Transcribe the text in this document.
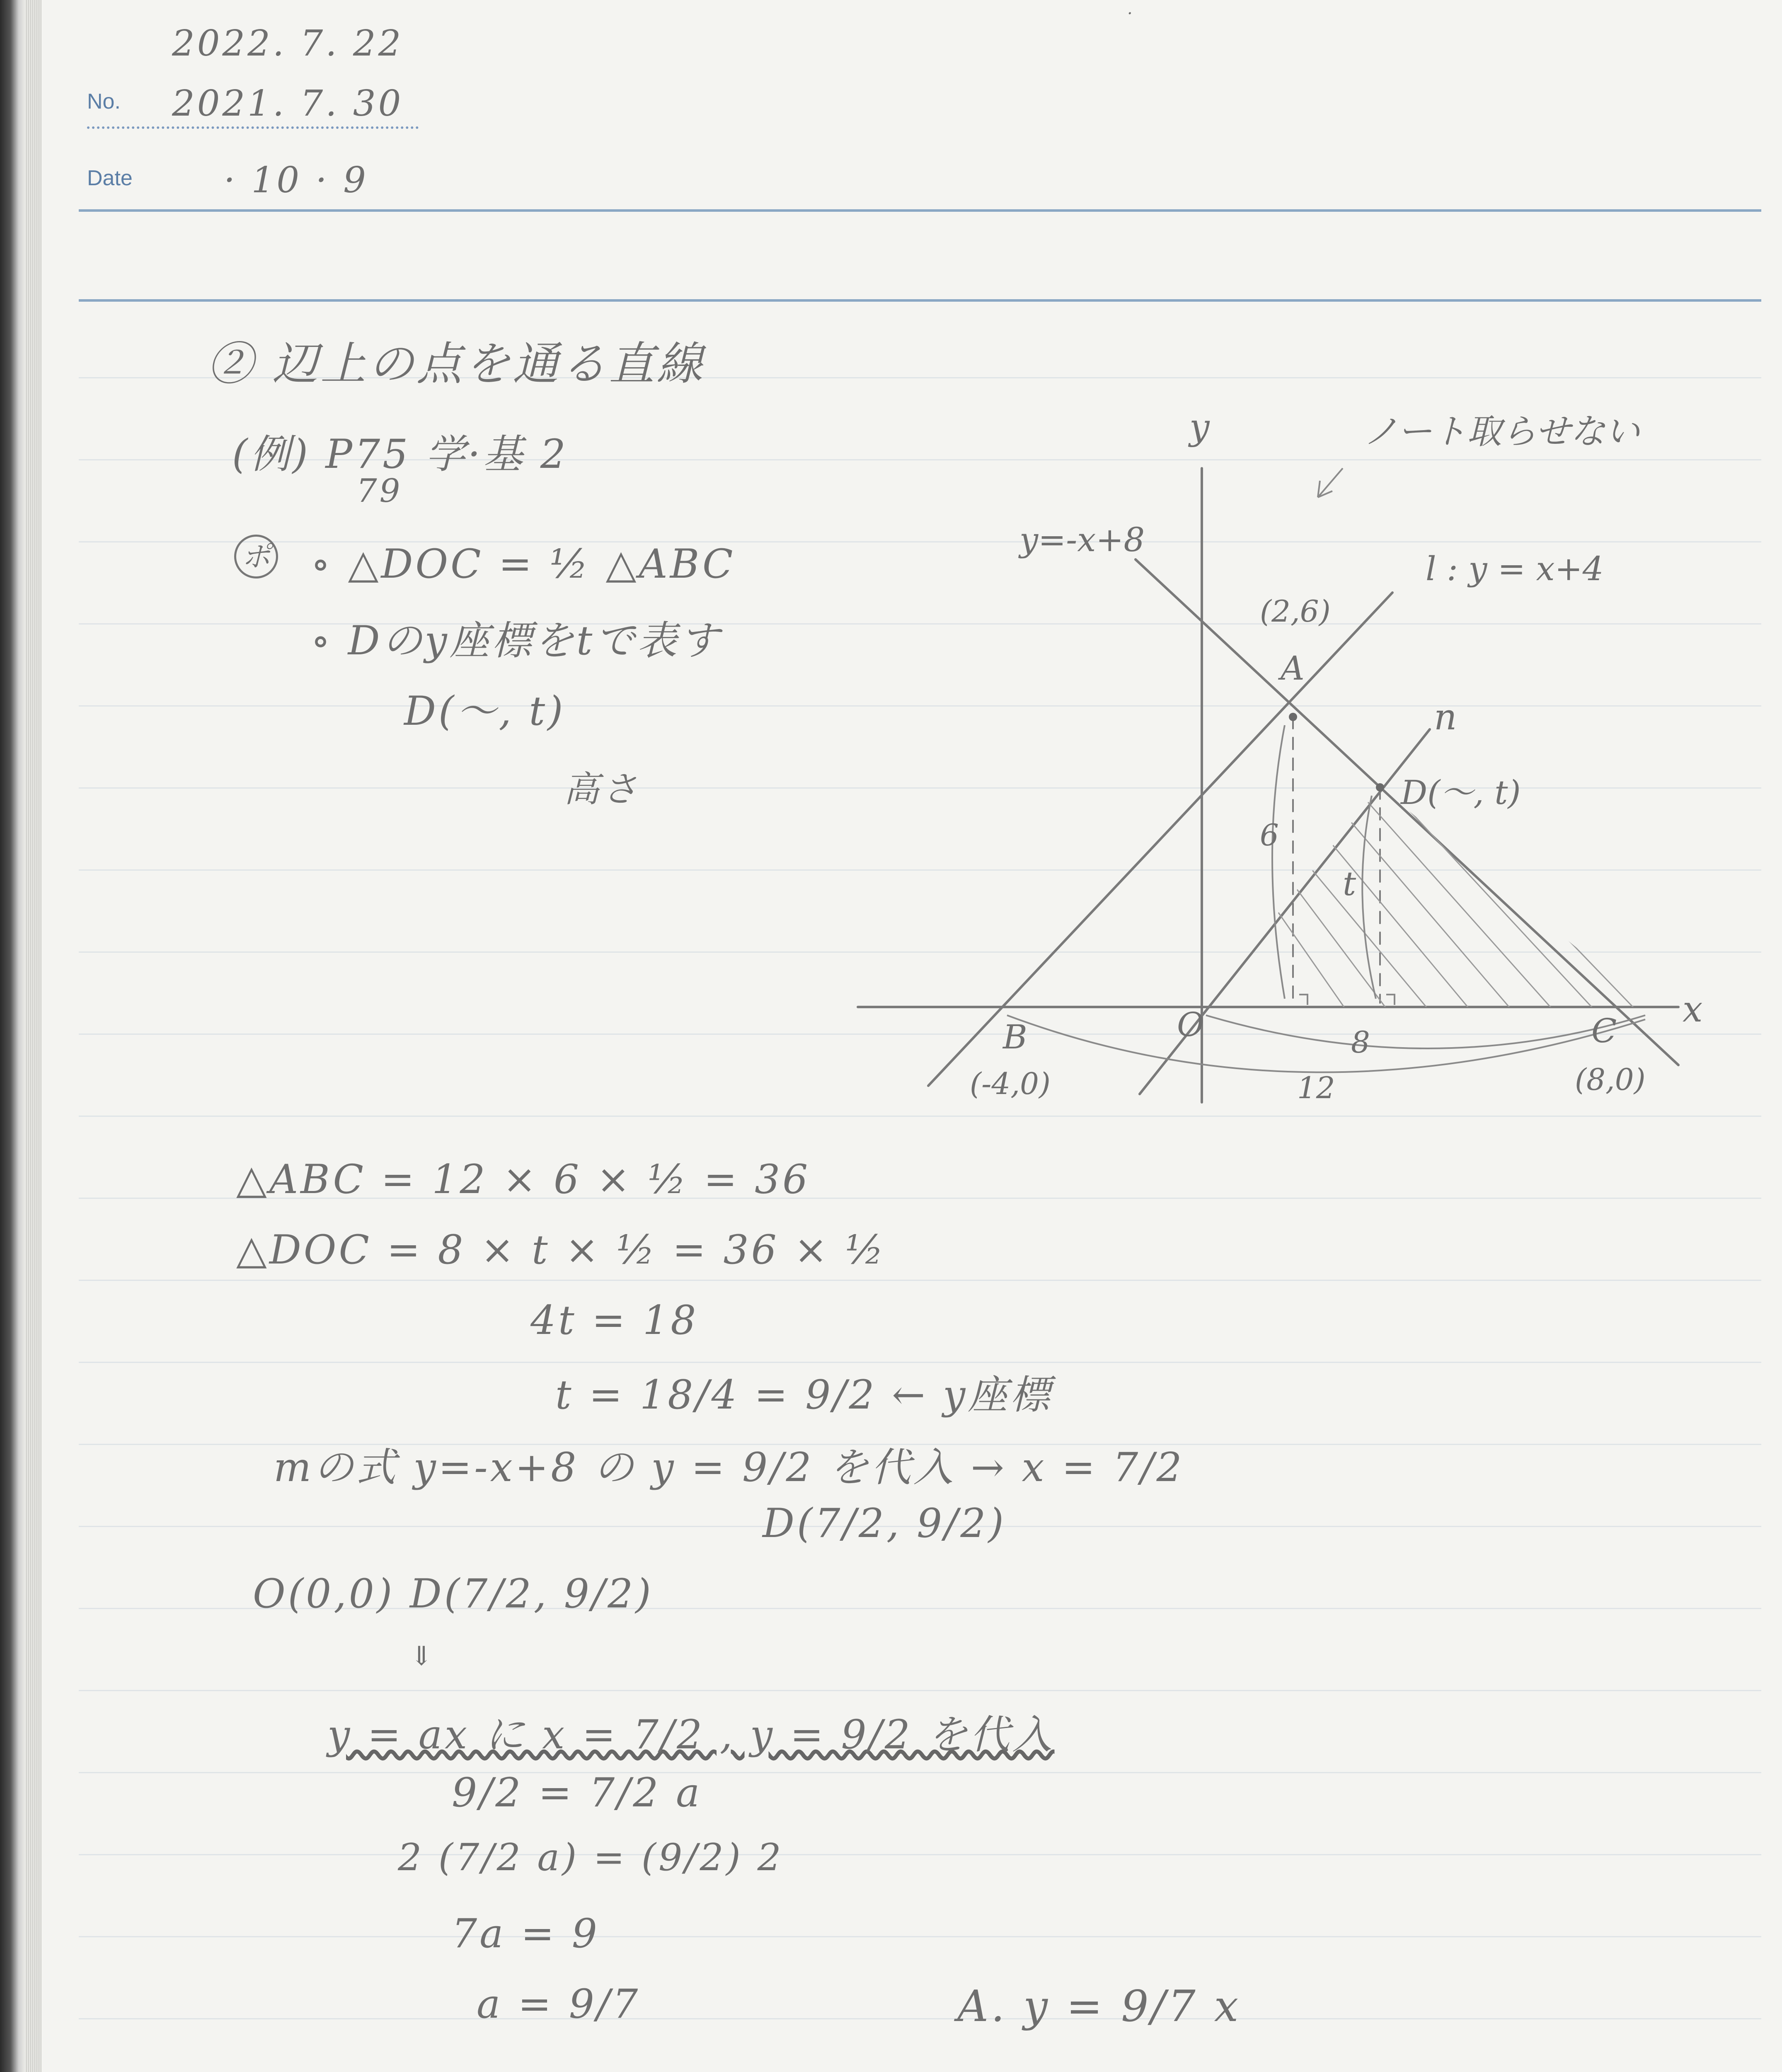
No.
Date
2022. 7. 22
2021. 7. 30
· 10 · 9
·
② 辺上の点を通る直線
(例) P75 学·基 2
79
ポ ∘ △DOC = ½ △ABC
∘ Dのy座標をtで表す
D(〜, t)
高さ
y
x
O
ノート取らせない
y=-x+8
l : y = x+4
n
A
(2,6)
B
(-4,0)
C
(8,0)
D(〜, t)
6
t
8
12
△ABC = 12 × 6 × ½ = 36
△DOC = 8 × t × ½ = 36 × ½
4t = 18
t = 18/4 = 9/2 ← y座標
mの式 y=-x+8 の y = 9/2 を代入 → x = 7/2
D(7/2, 9/2)
O(0,0) D(7/2, 9/2)
⇓
y = ax に x = 7/2 , y = 9/2 を代入
9/2 = 7/2 a
2 (7/2 a) = (9/2) 2
7a = 9
a = 9/7	A. y = 9/7 x
